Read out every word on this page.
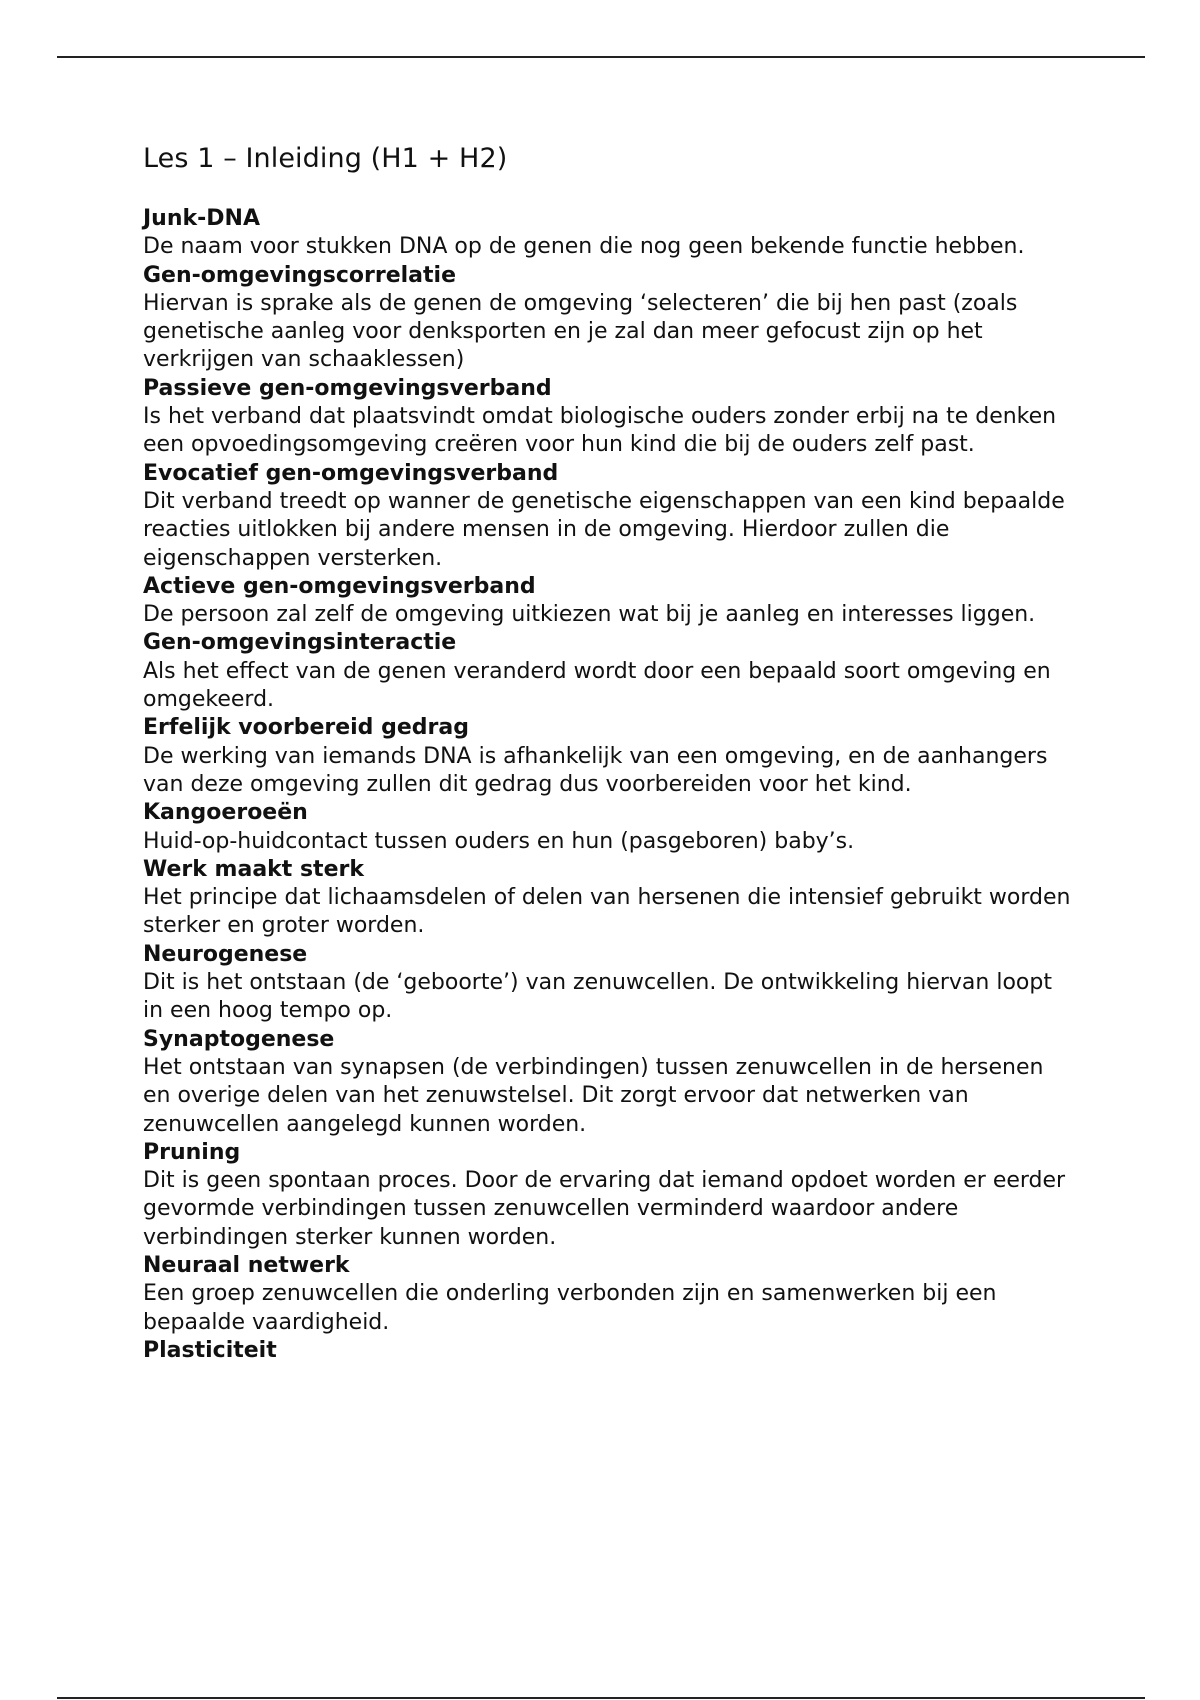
Les 1 – Inleiding (H1 + H2)

Junk-DNA

De naam voor stukken DNA op de genen die nog geen bekende functie hebben.

Gen-omgevingscorrelatie

Hiervan is sprake als de genen de omgeving ‘selecteren’ die bij hen past (zoals genetische aanleg voor denksporten en je zal dan meer gefocust zijn op het verkrijgen van schaaklessen)

Passieve gen-omgevingsverband

Is het verband dat plaatsvindt omdat biologische ouders zonder erbij na te denken een opvoedingsomgeving creëren voor hun kind die bij de ouders zelf past.

Evocatief gen-omgevingsverband

Dit verband treedt op wanner de genetische eigenschappen van een kind bepaalde reacties uitlokken bij andere mensen in de omgeving. Hierdoor zullen die eigenschappen versterken.

Actieve gen-omgevingsverband

De persoon zal zelf de omgeving uitkiezen wat bij je aanleg en interesses liggen.

Gen-omgevingsinteractie

Als het effect van de genen veranderd wordt door een bepaald soort omgeving en omgekeerd.

Erfelijk voorbereid gedrag

De werking van iemands DNA is afhankelijk van een omgeving, en de aanhangers van deze omgeving zullen dit gedrag dus voorbereiden voor het kind.

Kangoeroeën

Huid-op-huidcontact tussen ouders en hun (pasgeboren) baby’s.

Werk maakt sterk

Het principe dat lichaamsdelen of delen van hersenen die intensief gebruikt worden sterker en groter worden.

Neurogenese

Dit is het ontstaan (de ‘geboorte’) van zenuwcellen. De ontwikkeling hiervan loopt in een hoog tempo op.

Synaptogenese

Het ontstaan van synapsen (de verbindingen) tussen zenuwcellen in de hersenen en overige delen van het zenuwstelsel. Dit zorgt ervoor dat netwerken van zenuwcellen aangelegd kunnen worden.

Pruning

Dit is geen spontaan proces. Door de ervaring dat iemand opdoet worden er eerder gevormde verbindingen tussen zenuwcellen verminderd waardoor andere verbindingen sterker kunnen worden.

Neuraal netwerk

Een groep zenuwcellen die onderling verbonden zijn en samenwerken bij een bepaalde vaardigheid.

Plasticiteit
